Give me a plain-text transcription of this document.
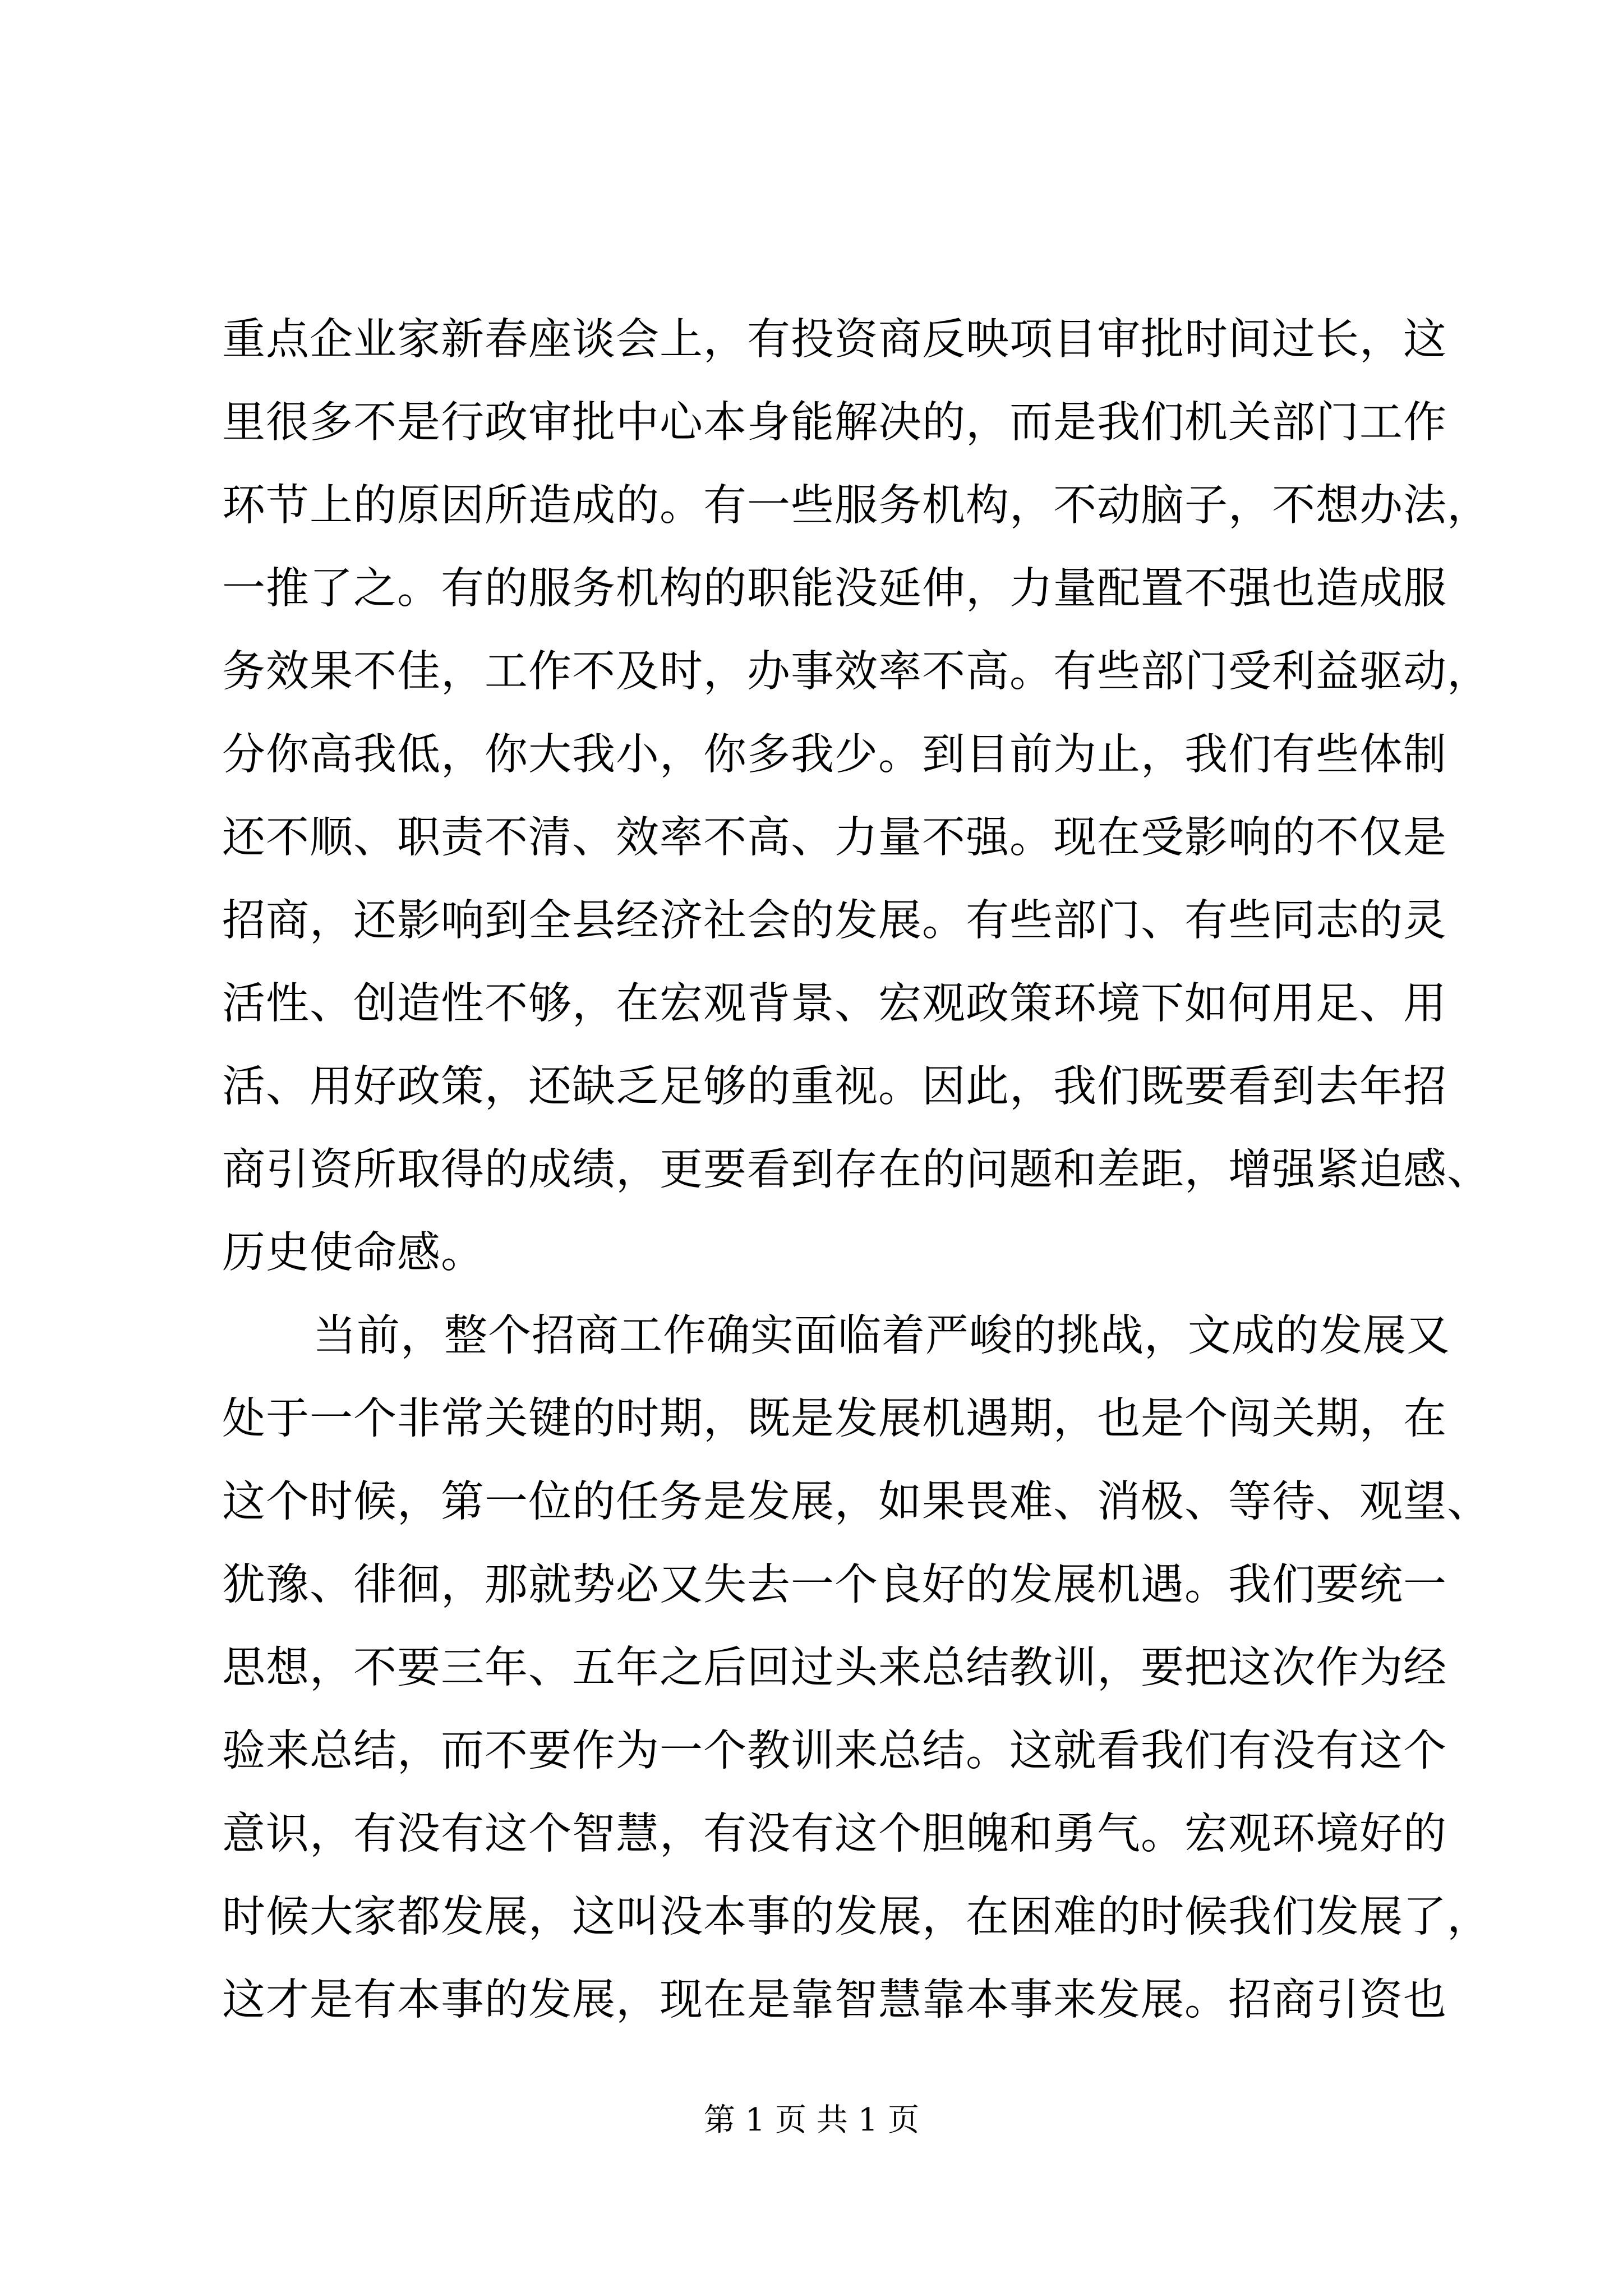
重点企业家新春座谈会上，有投资商反映项目审批时间过长，这
里很多不是行政审批中心本身能解决的，而是我们机关部门工作
环节上的原因所造成的。有一些服务机构，不动脑子，不想办法，
一推了之。有的服务机构的职能没延伸，力量配置不强也造成服
务效果不佳，工作不及时，办事效率不高。有些部门受利益驱动，
分你高我低，你大我小，你多我少。到目前为止，我们有些体制
还不顺、职责不清、效率不高、力量不强。现在受影响的不仅是
招商，还影响到全县经济社会的发展。有些部门、有些同志的灵
活性、创造性不够，在宏观背景、宏观政策环境下如何用足、用
活、用好政策，还缺乏足够的重视。因此，我们既要看到去年招
商引资所取得的成绩，更要看到存在的问题和差距，增强紧迫感、
历史使命感。
当前，整个招商工作确实面临着严峻的挑战，文成的发展又
处于一个非常关键的时期，既是发展机遇期，也是个闯关期，在
这个时候，第一位的任务是发展，如果畏难、消极、等待、观望、
犹豫、徘徊，那就势必又失去一个良好的发展机遇。我们要统一
思想，不要三年、五年之后回过头来总结教训，要把这次作为经
验来总结，而不要作为一个教训来总结。这就看我们有没有这个
意识，有没有这个智慧，有没有这个胆魄和勇气。宏观环境好的
时候大家都发展，这叫没本事的发展，在困难的时候我们发展了，
这才是有本事的发展，现在是靠智慧靠本事来发展。招商引资也
第 1 页 共 1 页
